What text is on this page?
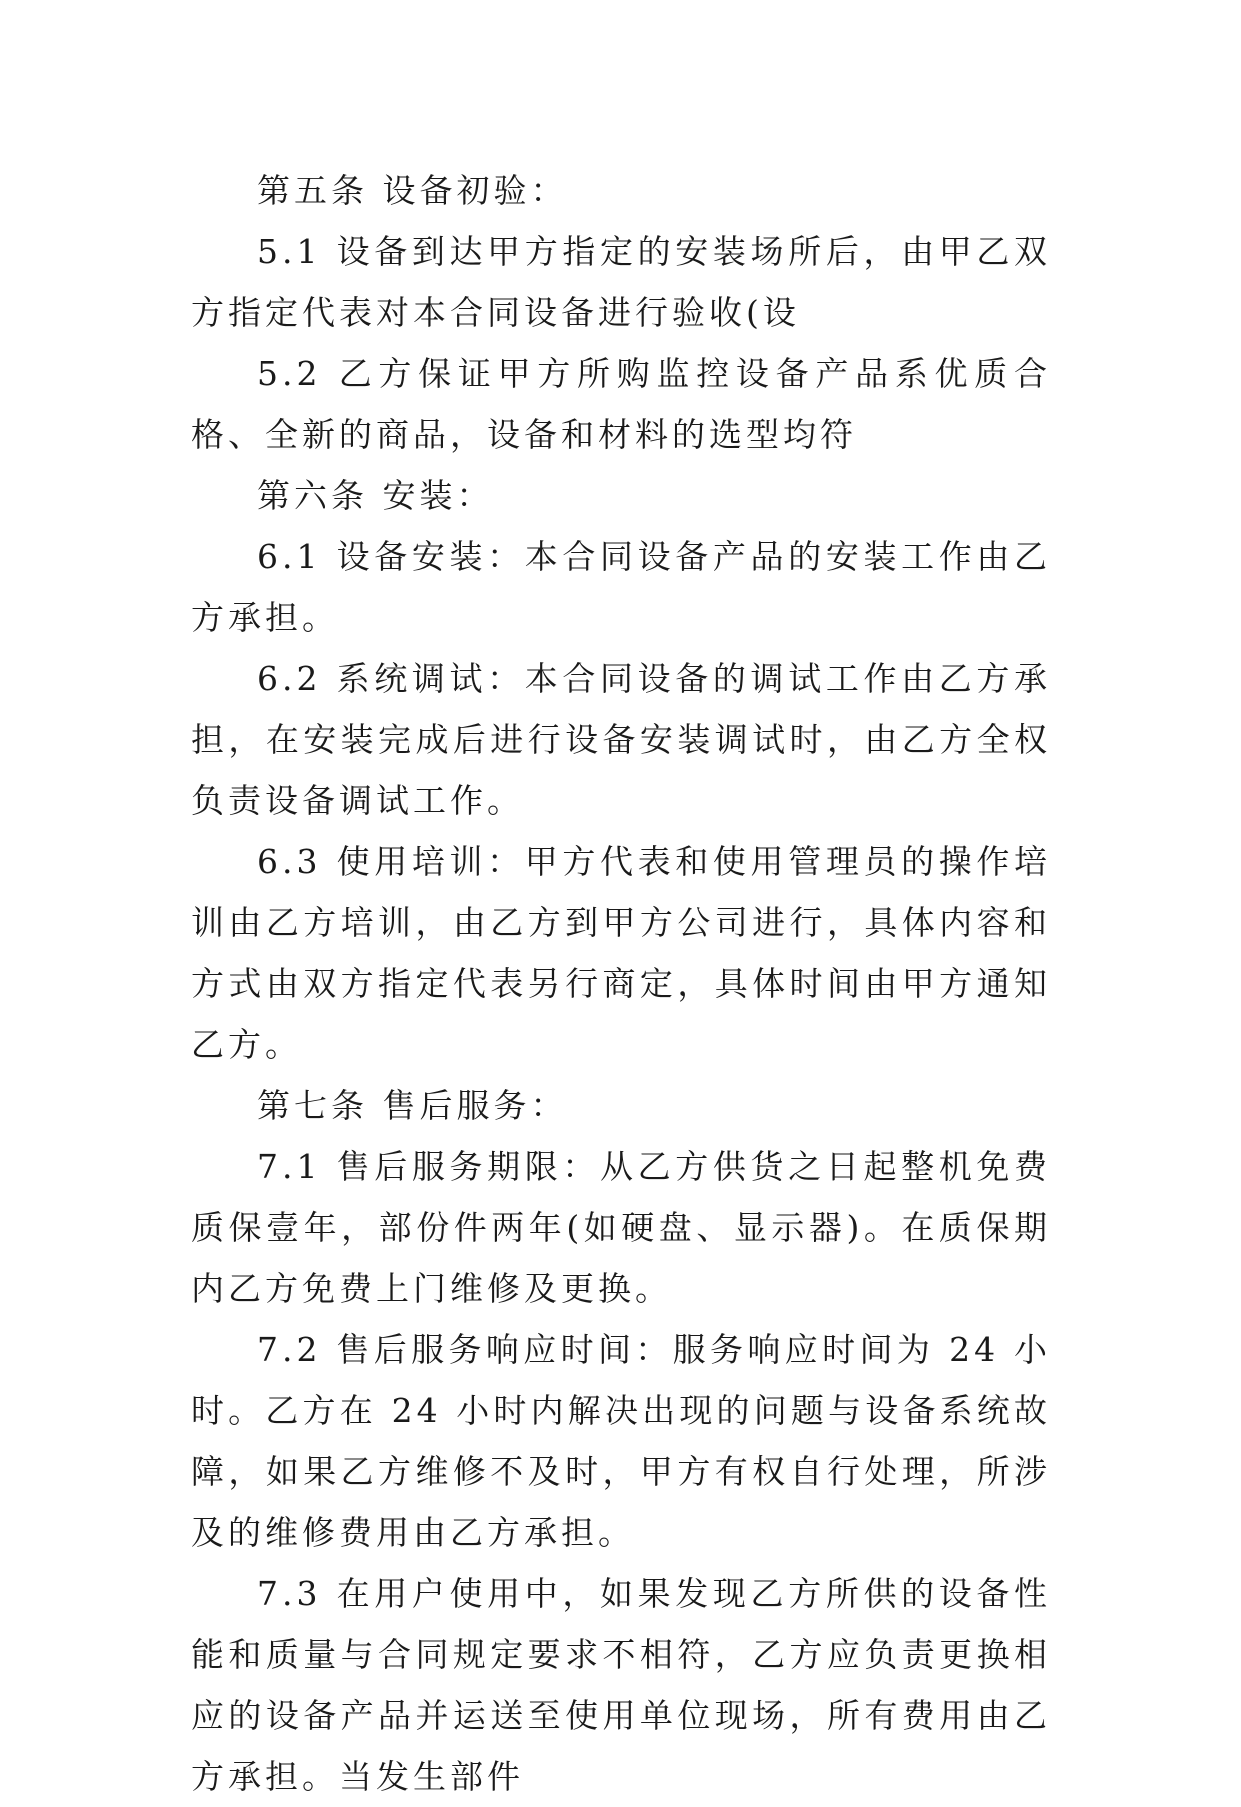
第五条 设备初验：

5.1 设备到达甲方指定的安装场所后，由甲乙双方指定代表对本合同设备进行验收(设

5.2 乙方保证甲方所购监控设备产品系优质合格、全新的商品，设备和材料的选型均符

第六条 安装：

6.1 设备安装：本合同设备产品的安装工作由乙方承担。

6.2 系统调试：本合同设备的调试工作由乙方承担，在安装完成后进行设备安装调试时，由乙方全权负责设备调试工作。

6.3 使用培训：甲方代表和使用管理员的操作培训由乙方培训，由乙方到甲方公司进行，具体内容和方式由双方指定代表另行商定，具体时间由甲方通知乙方。

第七条 售后服务：

7.1 售后服务期限：从乙方供货之日起整机免费质保壹年，部份件两年(如硬盘、显示器)。在质保期内乙方免费上门维修及更换。

7.2 售后服务响应时间：服务响应时间为 24 小时。乙方在 24 小时内解决出现的问题与设备系统故障，如果乙方维修不及时，甲方有权自行处理，所涉及的维修费用由乙方承担。

7.3 在用户使用中，如果发现乙方所供的设备性能和质量与合同规定要求不相符，乙方应负责更换相应的设备产品并运送至使用单位现场，所有费用由乙方承担。当发生部件
